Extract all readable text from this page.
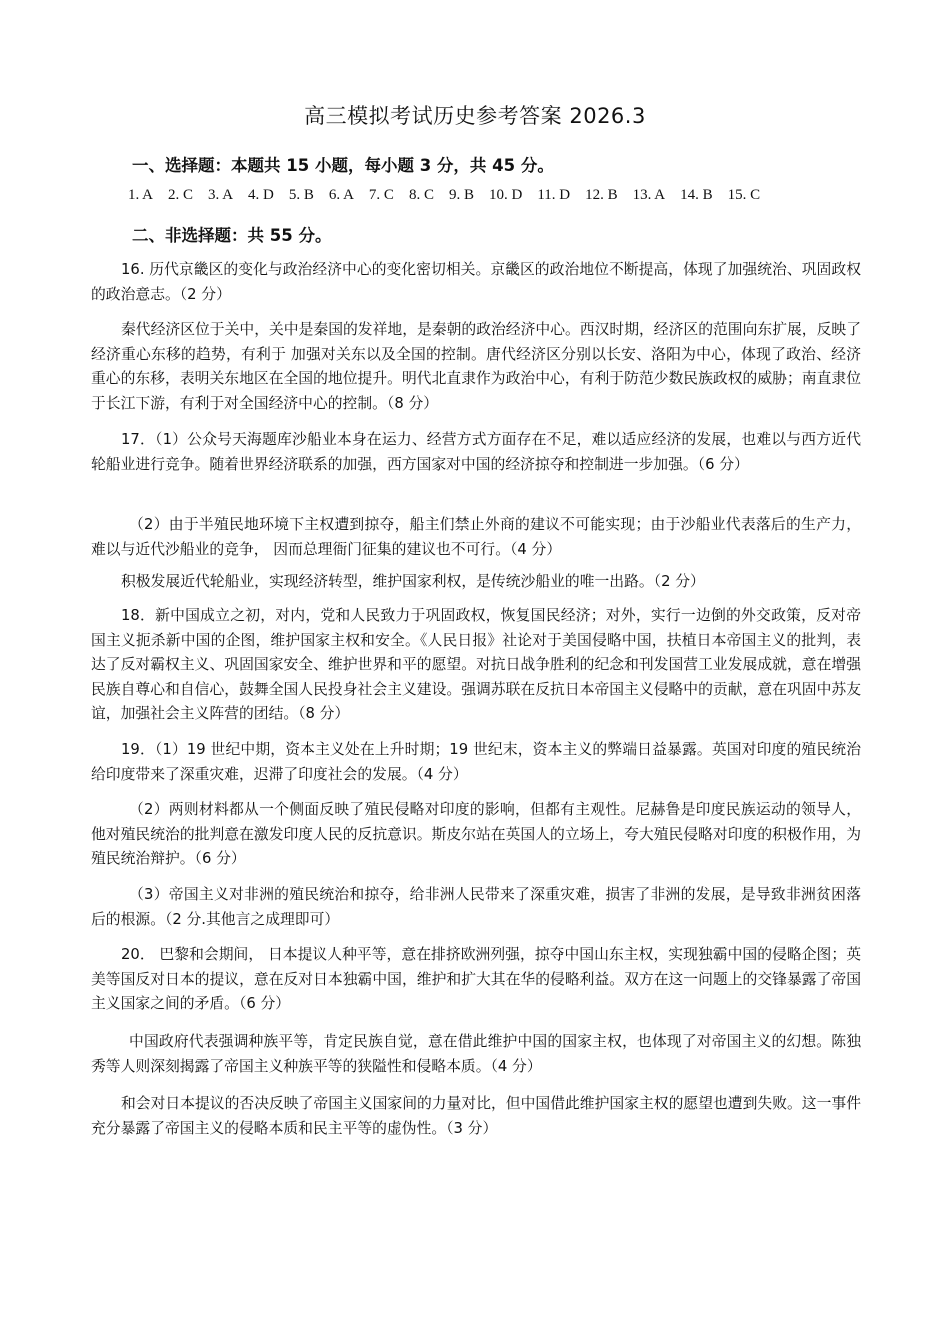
高三模拟考试历史参考答案 2026.3
一、选择题：本题共 15 小题，每小题 3 分，共 45 分。
1. A 2. C 3. A 4. D 5. B 6. A 7. C 8. C 9. B 10. D 11. D 12. B 13. A 14. B 15. C
二、非选择题：共 55 分。

16. 历代京畿区的变化与政治经济中心的变化密切相关。京畿区的政治地位不断提高，体现了加强统治、巩固政权的政治意志。（2 分）

秦代经济区位于关中，关中是秦国的发祥地，是秦朝的政治经济中心。西汉时期，经济区的范围向东扩展，反映了经济重心东移的趋势，有利于 加强对关东以及全国的控制。唐代经济区分别以长安、洛阳为中心，体现了政治、经济重心的东移，表明关东地区在全国的地位提升。明代北直隶作为政治中心，有利于防范少数民族政权的威胁；南直隶位于长江下游，有利于对全国经济中心的控制。（8 分）

17．（1）公众号天海题库沙船业本身在运力、经营方式方面存在不足，难以适应经济的发展，也难以与西方近代轮船业进行竞争。随着世界经济联系的加强，西方国家对中国的经济掠夺和控制进一步加强。（6 分）

（2）由于半殖民地环境下主权遭到掠夺，船主们禁止外商的建议不可能实现；由于沙船业代表落后的生产力，难以与近代沙船业的竞争， 因而总理衙门征集的建议也不可行。（4 分）

积极发展近代轮船业，实现经济转型，维护国家利权，是传统沙船业的唯一出路。（2 分）

18．新中国成立之初，对内，党和人民致力于巩固政权，恢复国民经济；对外，实行一边倒的外交政策，反对帝国主义扼杀新中国的企图，维护国家主权和安全。《人民日报》社论对于美国侵略中国，扶植日本帝国主义的批判，表达了反对霸权主义、巩固国家安全、维护世界和平的愿望。对抗日战争胜利的纪念和刊发国营工业发展成就，意在增强民族自尊心和自信心，鼓舞全国人民投身社会主义建设。强调苏联在反抗日本帝国主义侵略中的贡献，意在巩固中苏友谊，加强社会主义阵营的团结。（8 分）

19．（1）19 世纪中期，资本主义处在上升时期；19 世纪末，资本主义的弊端日益暴露。英国对印度的殖民统治给印度带来了深重灾难，迟滞了印度社会的发展。（4 分）

（2）两则材料都从一个侧面反映了殖民侵略对印度的影响，但都有主观性。尼赫鲁是印度民族运动的领导人，他对殖民统治的批判意在激发印度人民的反抗意识。斯皮尔站在英国人的立场上，夸大殖民侵略对印度的积极作用，为殖民统治辩护。（6 分）

（3）帝国主义对非洲的殖民统治和掠夺，给非洲人民带来了深重灾难，损害了非洲的发展，是导致非洲贫困落后的根源。（2 分.其他言之成理即可）

20． 巴黎和会期间， 日本提议人种平等，意在排挤欧洲列强，掠夺中国山东主权，实现独霸中国的侵略企图；英美等国反对日本的提议，意在反对日本独霸中国，维护和扩大其在华的侵略利益。双方在这一问题上的交锋暴露了帝国主义国家之间的矛盾。（6 分）

中国政府代表强调种族平等，肯定民族自觉，意在借此维护中国的国家主权，也体现了对帝国主义的幻想。陈独秀等人则深刻揭露了帝国主义种族平等的狭隘性和侵略本质。（4 分）

和会对日本提议的否决反映了帝国主义国家间的力量对比，但中国借此维护国家主权的愿望也遭到失败。这一事件充分暴露了帝国主义的侵略本质和民主平等的虚伪性。（3 分）
